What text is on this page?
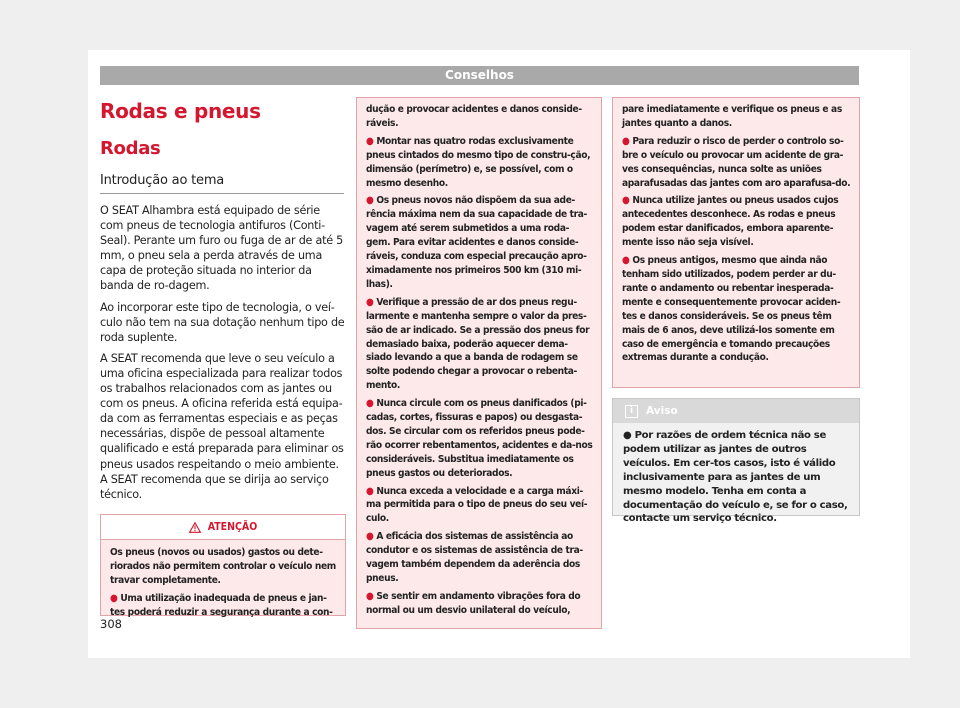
Conselhos
Rodas e pneus
Rodas
Introdução ao tema

O SEAT Alhambra está equipado de série com pneus de tecnologia antifuros (Conti-Seal). Perante um furo ou fuga de ar de até 5 mm, o pneu sela a perda através de uma capa de proteção situada no interior da banda de ro-dagem.

Ao incorporar este tipo de tecnologia, o veí-culo não tem na sua dotação nenhum tipo de roda suplente.

A SEAT recomenda que leve o seu veículo a uma oficina especializada para realizar todos os trabalhos relacionados com as jantes ou com os pneus. A oficina referida está equipa-da com as ferramentas especiais e as peças necessárias, dispõe de pessoal altamente qualificado e está preparada para eliminar os pneus usados respeitando o meio ambiente. A SEAT recomenda que se dirija ao serviço técnico.

ATENÇÃO

Os pneus (novos ou usados) gastos ou dete-riorados não permitem controlar o veículo nem travar completamente.

● Uma utilização inadequada de pneus e jan-tes poderá reduzir a segurança durante a con-

dução e provocar acidentes e danos conside-ráveis.

● Montar nas quatro rodas exclusivamente pneus cintados do mesmo tipo de constru-ção, dimensão (perímetro) e, se possível, com o mesmo desenho.

● Os pneus novos não dispõem da sua ade-rência máxima nem da sua capacidade de tra-vagem até serem submetidos a uma roda-gem. Para evitar acidentes e danos conside-ráveis, conduza com especial precaução apro-ximadamente nos primeiros 500 km (310 mi-lhas).

● Verifique a pressão de ar dos pneus regu-larmente e mantenha sempre o valor da pres-são de ar indicado. Se a pressão dos pneus for demasiado baixa, poderão aquecer dema-siado levando a que a banda de rodagem se solte podendo chegar a provocar o rebenta-mento.

● Nunca circule com os pneus danificados (pi-cadas, cortes, fissuras e papos) ou desgasta-dos. Se circular com os referidos pneus pode-rão ocorrer rebentamentos, acidentes e da-nos consideráveis. Substitua imediatamente os pneus gastos ou deteriorados.

● Nunca exceda a velocidade e a carga máxi-ma permitida para o tipo de pneus do seu veí-culo.

● A eficácia dos sistemas de assistência ao condutor e os sistemas de assistência de tra-vagem também dependem da aderência dos pneus.

● Se sentir em andamento vibrações fora do normal ou um desvio unilateral do veículo,

pare imediatamente e verifique os pneus e as jantes quanto a danos.

● Para reduzir o risco de perder o controlo so-bre o veículo ou provocar um acidente de gra-ves consequências, nunca solte as uniões aparafusadas das jantes com aro aparafusa-do.

● Nunca utilize jantes ou pneus usados cujos antecedentes desconhece. As rodas e pneus podem estar danificados, embora aparente-mente isso não seja visível.

● Os pneus antigos, mesmo que ainda não tenham sido utilizados, podem perder ar du-rante o andamento ou rebentar inesperada-mente e consequentemente provocar aciden-tes e danos consideráveis. Se os pneus têm mais de 6 anos, deve utilizá-los somente em caso de emergência e tomando precauções extremas durante a condução.

i	Aviso

● Por razões de ordem técnica não se podem utilizar as jantes de outros veículos. Em cer-tos casos, isto é válido inclusivamente para as jantes de um mesmo modelo. Tenha em conta a documentação do veículo e, se for o caso, contacte um serviço técnico.

308
